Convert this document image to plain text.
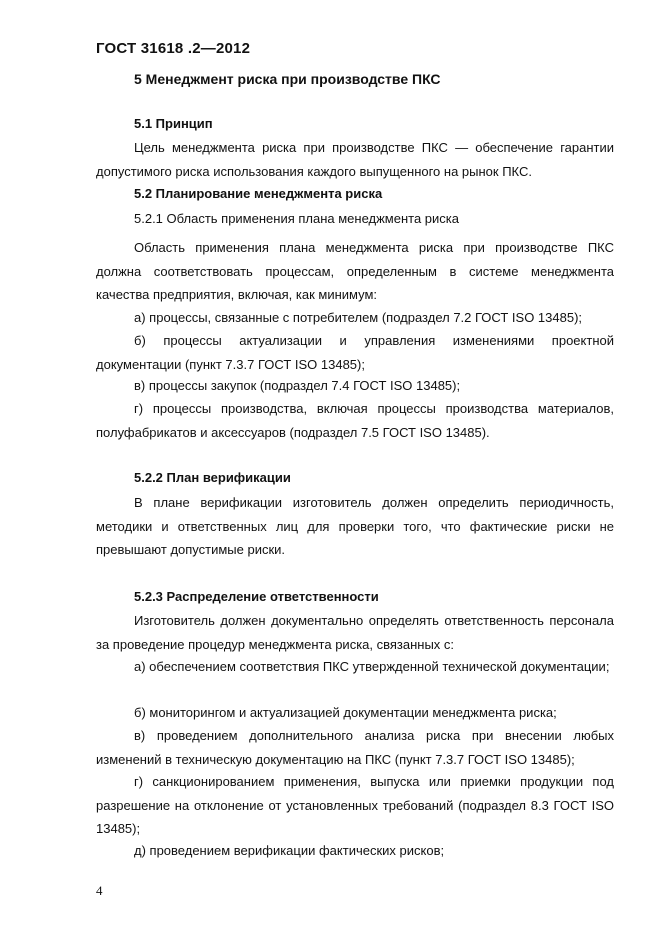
ГОСТ 31618 .2—2012

5 Менеджмент риска при производстве ПКС

5.1 Принцип

Цель менеджмента риска при производстве ПКС — обеспечение гарантии допустимого риска использования каждого выпущенного на рынок ПКС.

5.2 Планирование менеджмента риска

5.2.1 Область применения плана менеджмента риска

Область применения плана менеджмента риска при производстве ПКС должна соответствовать процессам, определенным в системе менеджмента качества предприятия, включая, как минимум:

а) процессы, связанные с потребителем (подраздел 7.2 ГОСТ ISO 13485);

б) процессы актуализации и управления изменениями проектной документации (пункт 7.3.7 ГОСТ ISO 13485);

в) процессы закупок (подраздел 7.4 ГОСТ ISO 13485);

г) процессы производства, включая процессы производства материалов, полуфабрикатов и аксессуаров (подраздел 7.5 ГОСТ ISO 13485).

5.2.2 План верификации

В плане верификации изготовитель должен определить периодичность, методики и ответственных лиц для проверки того, что фактические риски не превышают допустимые риски.

5.2.3 Распределение ответственности

Изготовитель должен документально определять ответственность персонала за проведение процедур менеджмента риска, связанных с:

а) обеспечением соответствия ПКС утвержденной технической документации;

б) мониторингом и актуализацией документации менеджмента риска;

в) проведением дополнительного анализа риска при внесении любых изменений в техническую документацию на ПКС (пункт 7.3.7 ГОСТ ISO 13485);

г) санкционированием применения, выпуска или приемки продукции под разрешение на отклонение от установленных требований (подраздел 8.3 ГОСТ ISO 13485);

д) проведением верификации фактических рисков;

4
